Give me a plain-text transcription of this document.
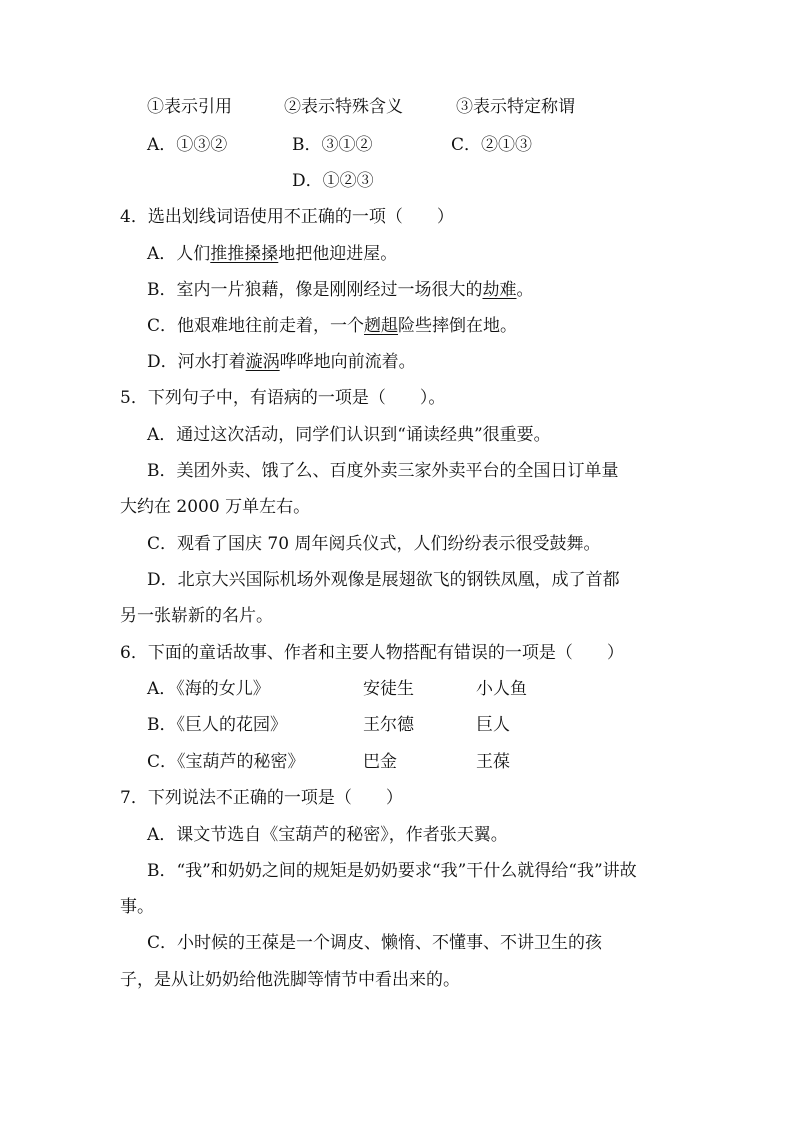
①表示引用	②表示特殊含义	③表示特定称谓
A．①③②	B．③①②	C．②①③
D．①②③
4．选出划线词语使用不正确的一项（　　）
A．人们推推搡搡地把他迎进屋。
B．室内一片狼藉，像是刚刚经过一场很大的劫难。
C．他艰难地往前走着，一个趔趄险些摔倒在地。
D．河水打着漩涡哗哗地向前流着。
5．下列句子中，有语病的一项是（　　）。
A．通过这次活动，同学们认识到“诵读经典”很重要。
B．美团外卖、饿了么、百度外卖三家外卖平台的全国日订单量
大约在 2000 万单左右。
C．观看了国庆 70 周年阅兵仪式，人们纷纷表示很受鼓舞。
D．北京大兴国际机场外观像是展翅欲飞的钢铁凤凰，成了首都
另一张崭新的名片。
6．下面的童话故事、作者和主要人物搭配有错误的一项是（　　）
A．《海的女儿》	安徒生	小人鱼
B．《巨人的花园》	王尔德	巨人
C．《宝葫芦的秘密》	巴金	王葆
7．下列说法不正确的一项是（　　）
A．课文节选自《宝葫芦的秘密》，作者张天翼。
B．“我”和奶奶之间的规矩是奶奶要求“我”干什么就得给“我”讲故
事。
C．小时候的王葆是一个调皮、懒惰、不懂事、不讲卫生的孩
子，是从让奶奶给他洗脚等情节中看出来的。
